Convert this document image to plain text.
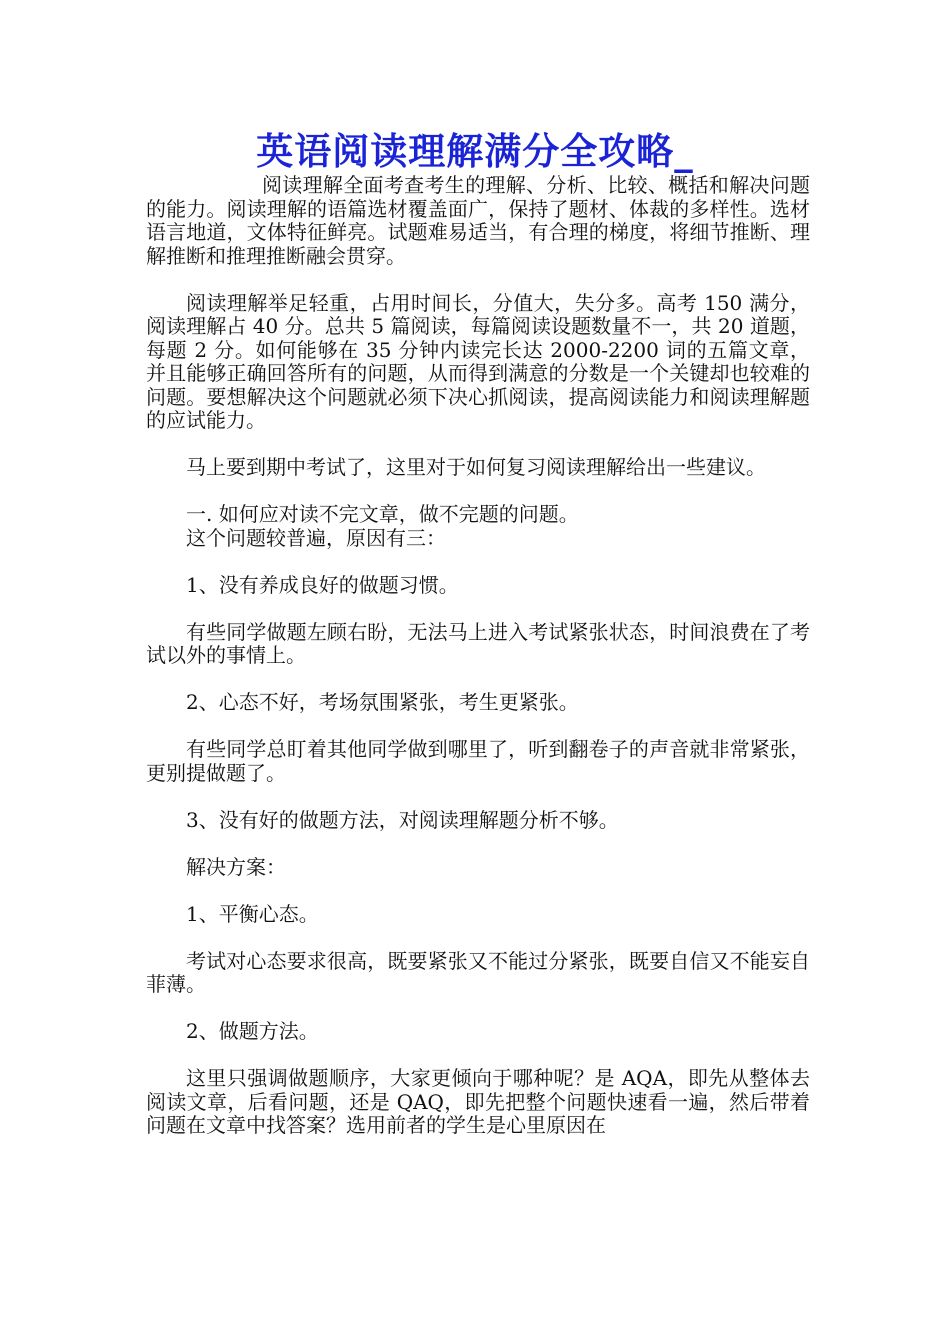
英语阅读理解满分全攻略_

阅读理解全面考查考生的理解、分析、比较、概括和解决问题的能力。阅读理解的语篇选材覆盖面广，保持了题材、体裁的多样性。选材语言地道，文体特征鲜亮。试题难易适当，有合理的梯度，将细节推断、理解推断和推理推断融会贯穿。

阅读理解举足轻重，占用时间长，分值大，失分多。高考 150 满分，阅读理解占 40 分。总共 5 篇阅读，每篇阅读设题数量不一，共 20 道题，每题 2 分。如何能够在 35 分钟内读完长达 2000-2200 词的五篇文章，并且能够正确回答所有的问题，从而得到满意的分数是一个关键却也较难的问题。要想解决这个问题就必须下决心抓阅读，提高阅读能力和阅读理解题的应试能力。

马上要到期中考试了，这里对于如何复习阅读理解给出一些建议。

一. 如何应对读不完文章，做不完题的问题。

这个问题较普遍，原因有三：

1、没有养成良好的做题习惯。

有些同学做题左顾右盼，无法马上进入考试紧张状态，时间浪费在了考试以外的事情上。

2、心态不好，考场氛围紧张，考生更紧张。

有些同学总盯着其他同学做到哪里了，听到翻卷子的声音就非常紧张，更别提做题了。

3、没有好的做题方法，对阅读理解题分析不够。

解决方案：

1、平衡心态。

考试对心态要求很高，既要紧张又不能过分紧张，既要自信又不能妄自菲薄。

2、做题方法。

这里只强调做题顺序，大家更倾向于哪种呢？是 AQA，即先从整体去阅读文章，后看问题，还是 QAQ，即先把整个问题快速看一遍，然后带着问题在文章中找答案？选用前者的学生是心里原因在
